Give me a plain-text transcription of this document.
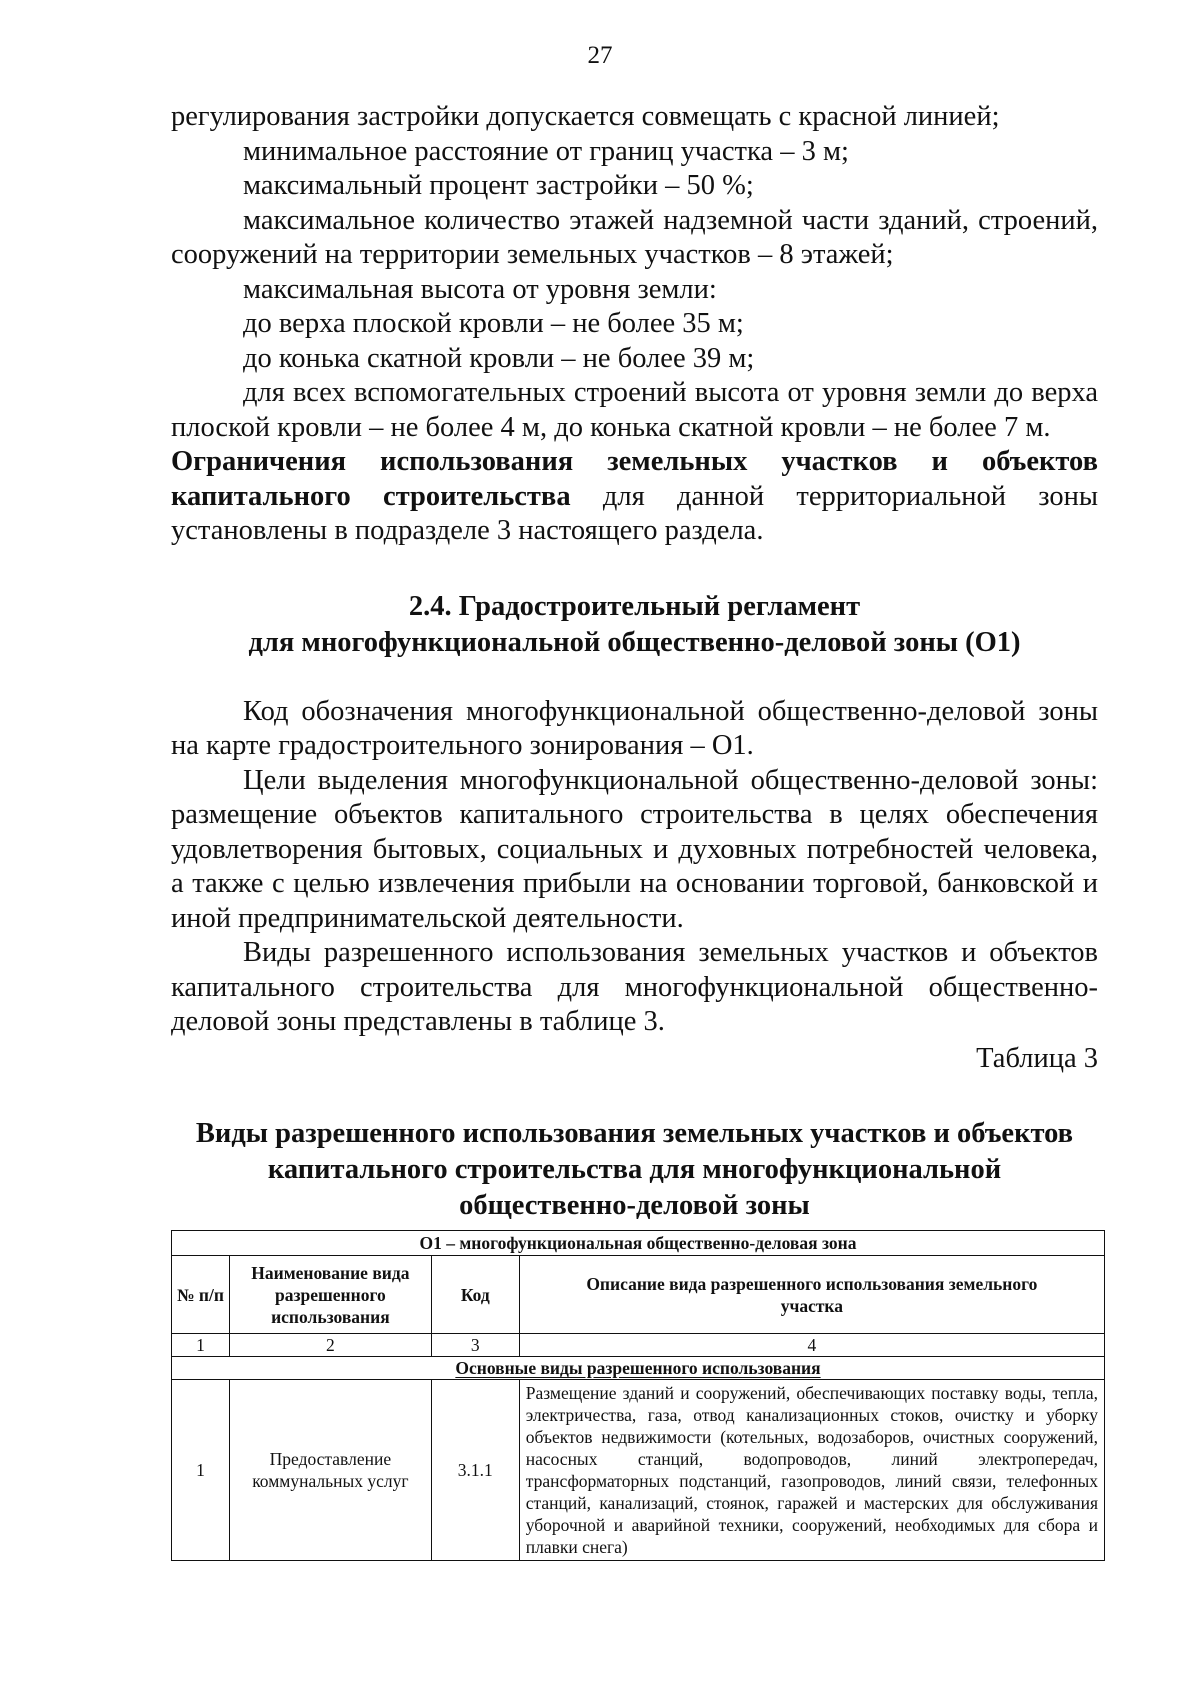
27

регулирования застройки допускается совмещать с красной линией;

минимальное расстояние от границ участка – 3 м;

максимальный процент застройки – 50 %;

максимальное количество этажей надземной части зданий, строений, сооружений на территории земельных участков – 8 этажей;

максимальная высота от уровня земли:

до верха плоской кровли – не более 35 м;

до конька скатной кровли – не более 39 м;

для всех вспомогательных строений высота от уровня земли до верха плоской кровли – не более 4 м, до конька скатной кровли – не более 7 м.

Ограничения использования земельных участков и объектов капитального строительства для данной территориальной зоны установлены в подразделе 3 настоящего раздела.

2.4. Градостроительный регламент

для многофункциональной общественно-деловой зоны (О1)

Код обозначения многофункциональной общественно-деловой зоны на карте градостроительного зонирования – О1.

Цели выделения многофункциональной общественно-деловой зоны: размещение объектов капитального строительства в целях обеспечения удовлетворения бытовых, социальных и духовных потребностей человека, а также с целью извлечения прибыли на основании торговой, банковской и иной предпринимательской деятельности.

Виды разрешенного использования земельных участков и объектов капитального строительства для многофункциональной общественно-деловой зоны представлены в таблице 3.

Таблица 3

Виды разрешенного использования земельных участков и объектов

капитального строительства для многофункциональной

общественно-деловой зоны

О1 – многофункциональная общественно-деловая зона			
№ п/п	Наименование вида разрешенного использования	Код	Описание вида разрешенного использования земельного участка
1	2	3	4
Основные виды разрешенного использования			
1	Предоставление коммунальных услуг	3.1.1	Размещение зданий и сооружений, обеспечивающих поставку воды, тепла, электричества, газа, отвод канализационных стоков, очистку и уборку объектов недвижимости (котельных, водозаборов, очистных сооружений, насосных станций, водопроводов, линий электропередач, трансформаторных подстанций, газопроводов, линий связи, телефонных станций, канализаций, стоянок, гаражей и мастерских для обслуживания уборочной и аварийной техники, сооружений, необходимых для сбора и плавки снега)
